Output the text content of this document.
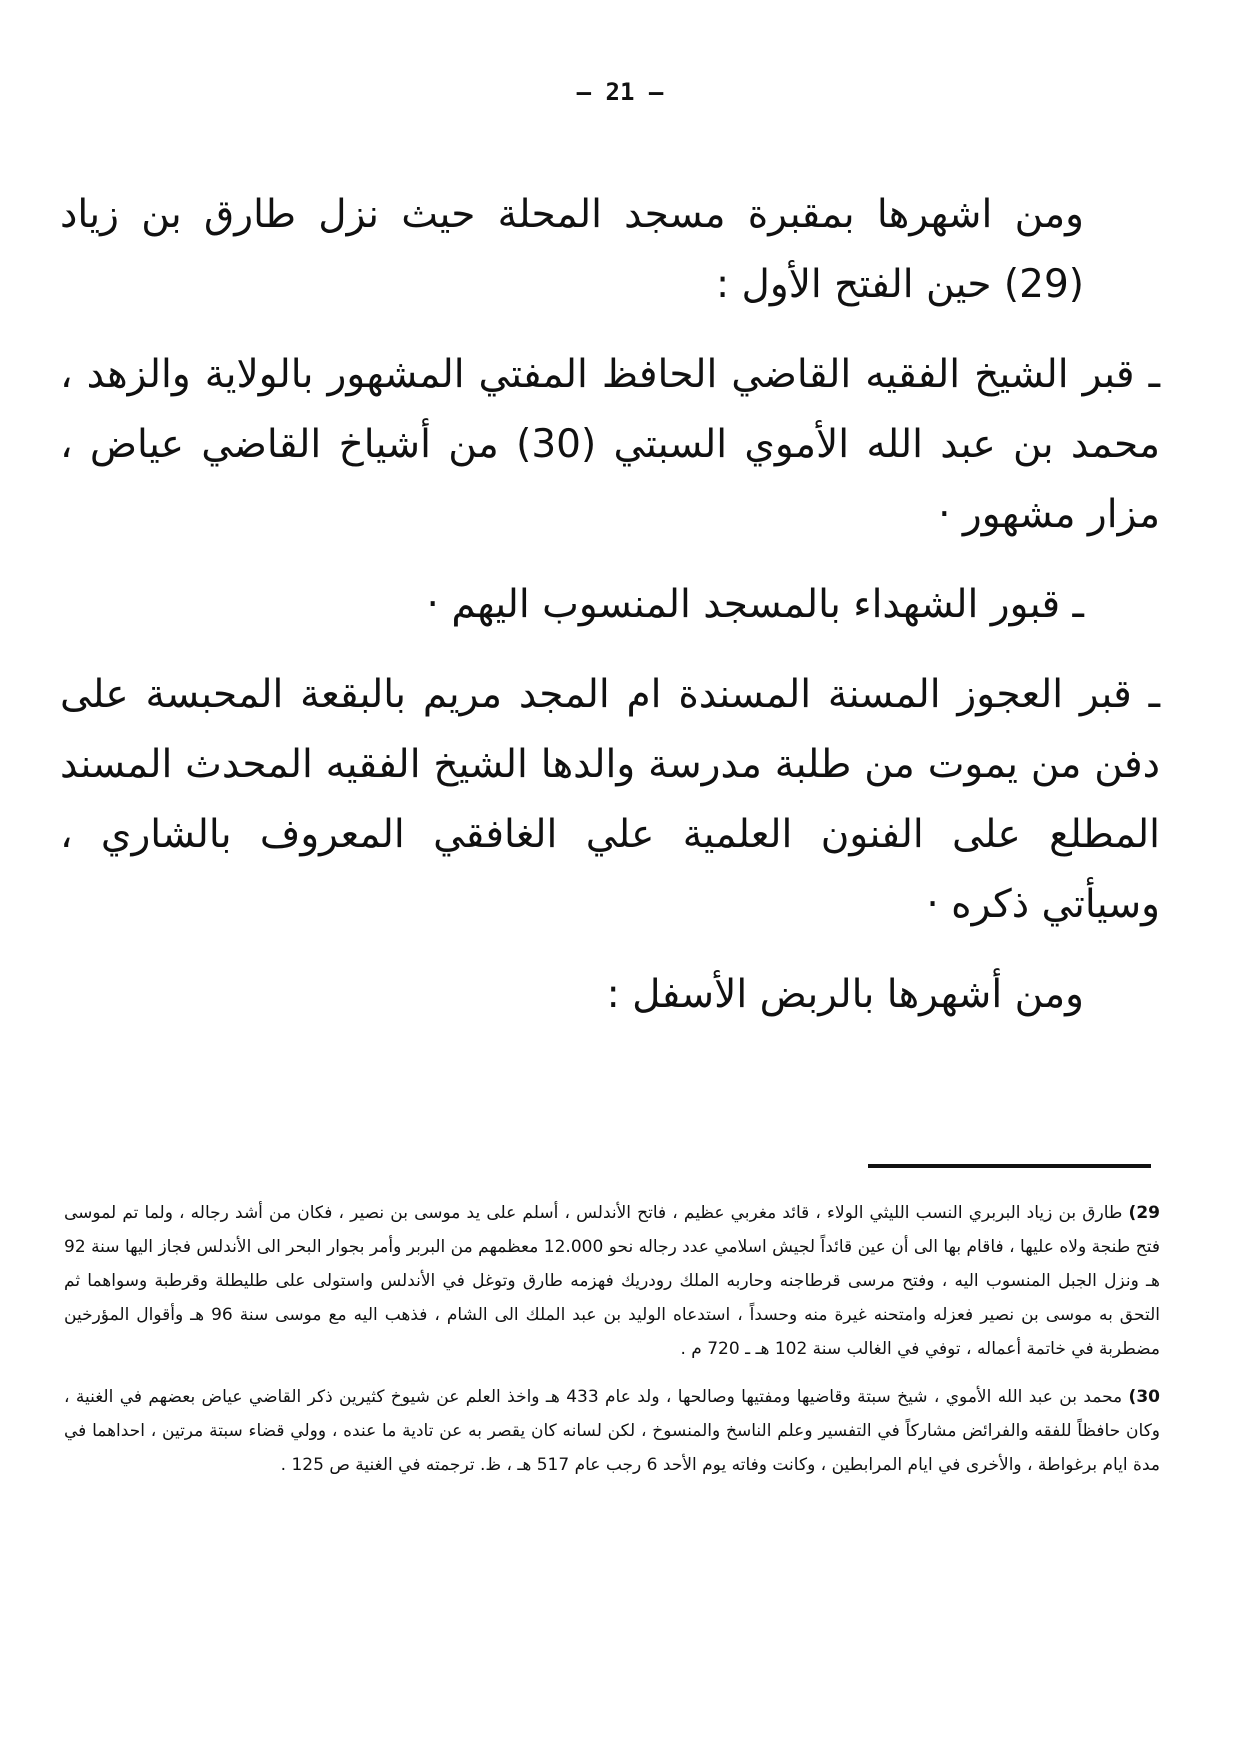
— 21 —

ومن اشهرها بمقبرة مسجد المحلة حيث نزل طارق بن زياد (29) حين الفتح الأول :

ـ قبر الشيخ الفقيه القاضي الحافظ المفتي المشهور بالولاية والزهد ، محمد بن عبد الله الأموي السبتي (30) من أشياخ القاضي عياض ، مزار مشهور ·

ـ قبور الشهداء بالمسجد المنسوب اليهم ·

ـ قبر العجوز المسنة المسندة ام المجد مريم بالبقعة المحبسة على دفن من يموت من طلبة مدرسة والدها الشيخ الفقيه المحدث المسند المطلع على الفنون العلمية علي الغافقي المعروف بالشاري ، وسيأتي ذكره ·

ومن أشهرها بالربض الأسفل :

29) طارق بن زياد البربري النسب الليثي الولاء ، قائد مغربي عظيم ، فاتح الأندلس ، أسلم على يد موسى بن نصير ، فكان من أشد رجاله ، ولما تم لموسى فتح طنجة ولاه عليها ، فاقام بها الى أن عين قائداً لجيش اسلامي عدد رجاله نحو 12.000 معظمهم من البربر وأمر بجوار البحر الى الأندلس فجاز اليها سنة 92 هـ ونزل الجبل المنسوب اليه ، وفتح مرسى قرطاجنه وحاربه الملك رودريك فهزمه طارق وتوغل في الأندلس واستولى على طليطلة وقرطبة وسواهما ثم التحق به موسى بن نصير فعزله وامتحنه غيرة منه وحسداً ، استدعاه الوليد بن عبد الملك الى الشام ، فذهب اليه مع موسى سنة 96 هـ وأقوال المؤرخين مضطربة في خاتمة أعماله ، توفي في الغالب سنة 102 هـ ـ 720 م .

30) محمد بن عبد الله الأموي ، شيخ سبتة وقاضيها ومفتيها وصالحها ، ولد عام 433 هـ واخذ العلم عن شيوخ كثيرين ذكر القاضي عياض بعضهم في الغنية ، وكان حافظاً للفقه والفرائض مشاركاً في التفسير وعلم الناسخ والمنسوخ ، لكن لسانه كان يقصر به عن تادية ما عنده ، وولي قضاء سبتة مرتين ، احداهما في مدة ايام برغواطة ، والأخرى في ايام المرابطين ، وكانت وفاته يوم الأحد 6 رجب عام 517 هـ ، ظ. ترجمته في الغنية ص 125 .
